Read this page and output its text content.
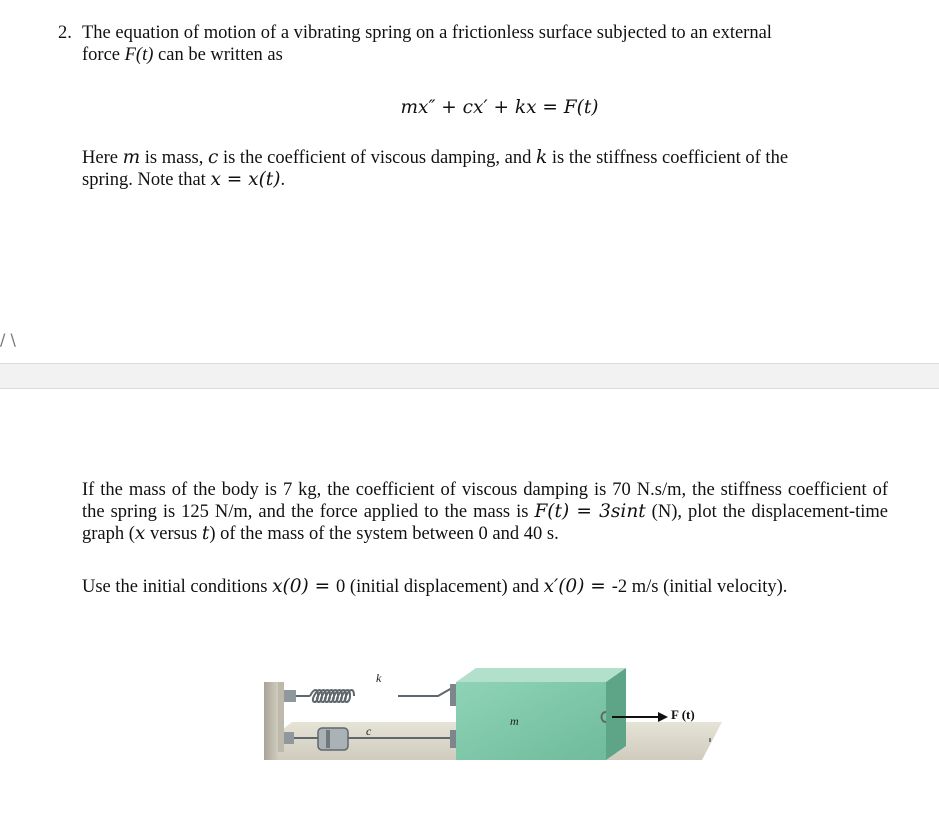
2. The equation of motion of a vibrating spring on a frictionless surface subjected to an external
force F(t) can be written as
mx″ + cx′ + kx = F(t)
Here m is mass, c is the coefficient of viscous damping, and k is the stiffness coefficient of the
spring. Note that x = x(t).
/ \
If the mass of the body is 7 kg, the coefficient of viscous damping is 70 N.s/m, the stiffness coefficient of the spring is 125 N/m, and the force applied to the mass is F(t) = 3sint (N), plot the displacement-time graph (x versus t) of the mass of the system between 0 and 40 s.
Use the initial conditions x(0) = 0 (initial displacement) and x′(0) = -2 m/s (initial velocity).
k
c
m	F (t)
